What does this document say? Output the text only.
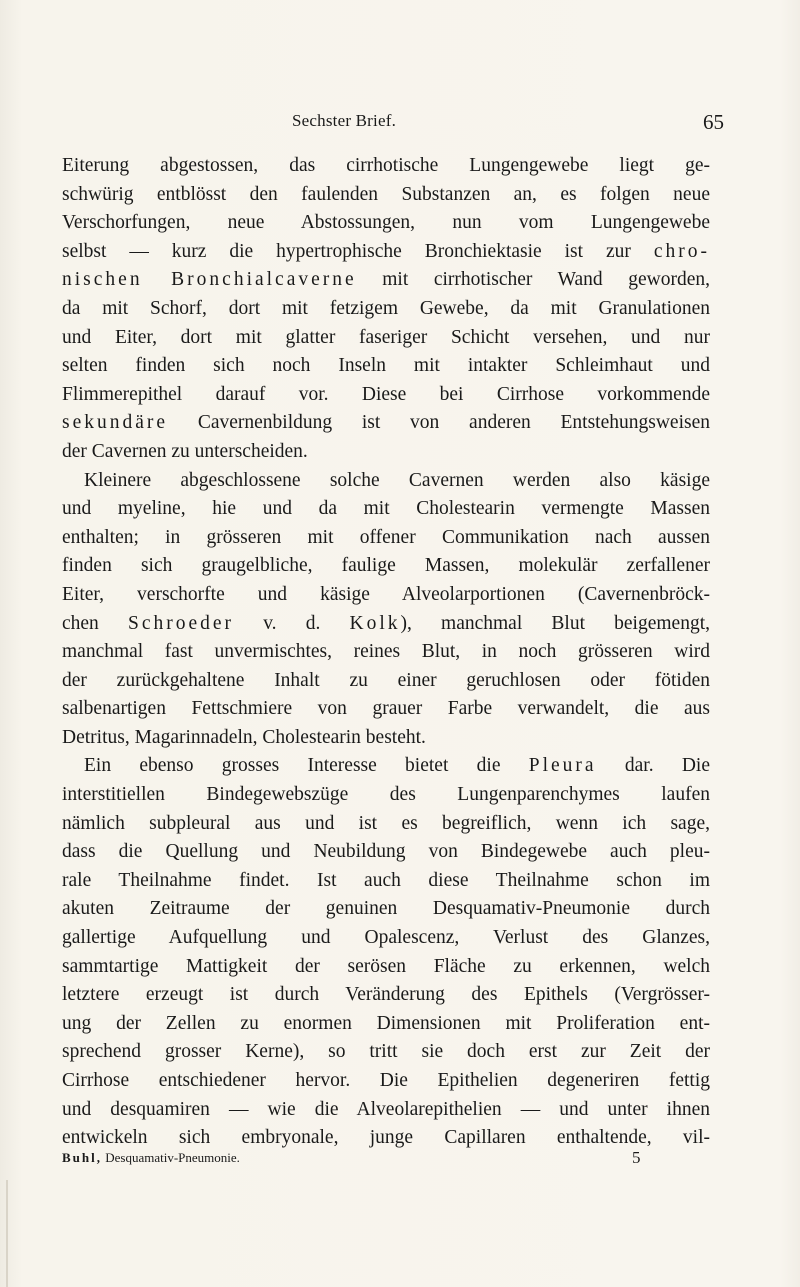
Sechster Brief.	65
Eiterung abgestossen, das cirrhotische Lungengewebe liegt ge-
schwürig entblösst den faulenden Substanzen an, es folgen neue
Verschorfungen, neue Abstossungen, nun vom Lungengewebe
selbst — kurz die hypertrophische Bronchiektasie ist zur chro-
nischen Bronchialcaverne mit cirrhotischer Wand geworden,
da mit Schorf, dort mit fetzigem Gewebe, da mit Granulationen
und Eiter, dort mit glatter faseriger Schicht versehen, und nur
selten finden sich noch Inseln mit intakter Schleimhaut und
Flimmerepithel darauf vor. Diese bei Cirrhose vorkommende
sekundäre Cavernenbildung ist von anderen Entstehungsweisen
der Cavernen zu unterscheiden.
Kleinere abgeschlossene solche Cavernen werden also käsige
und myeline, hie und da mit Cholestearin vermengte Massen
enthalten; in grösseren mit offener Communikation nach aussen
finden sich graugelbliche, faulige Massen, molekulär zerfallener
Eiter, verschorfte und käsige Alveolarportionen (Cavernenbröck-
chen Schroeder v. d. Kolk), manchmal Blut beigemengt,
manchmal fast unvermischtes, reines Blut, in noch grösseren wird
der zurückgehaltene Inhalt zu einer geruchlosen oder fötiden
salbenartigen Fettschmiere von grauer Farbe verwandelt, die aus
Detritus, Magarinnadeln, Cholestearin besteht.
Ein ebenso grosses Interesse bietet die Pleura dar. Die
interstitiellen Bindegewebszüge des Lungenparenchymes laufen
nämlich subpleural aus und ist es begreiflich, wenn ich sage,
dass die Quellung und Neubildung von Bindegewebe auch pleu-
rale Theilnahme findet. Ist auch diese Theilnahme schon im
akuten Zeitraume der genuinen Desquamativ-Pneumonie durch
gallertige Aufquellung und Opalescenz, Verlust des Glanzes,
sammtartige Mattigkeit der serösen Fläche zu erkennen, welch
letztere erzeugt ist durch Veränderung des Epithels (Vergrösser-
ung der Zellen zu enormen Dimensionen mit Proliferation ent-
sprechend grosser Kerne), so tritt sie doch erst zur Zeit der
Cirrhose entschiedener hervor. Die Epithelien degeneriren fettig
und desquamiren — wie die Alveolarepithelien — und unter ihnen
entwickeln sich embryonale, junge Capillaren enthaltende, vil-
Buhl, Desquamativ-Pneumonie.	5
